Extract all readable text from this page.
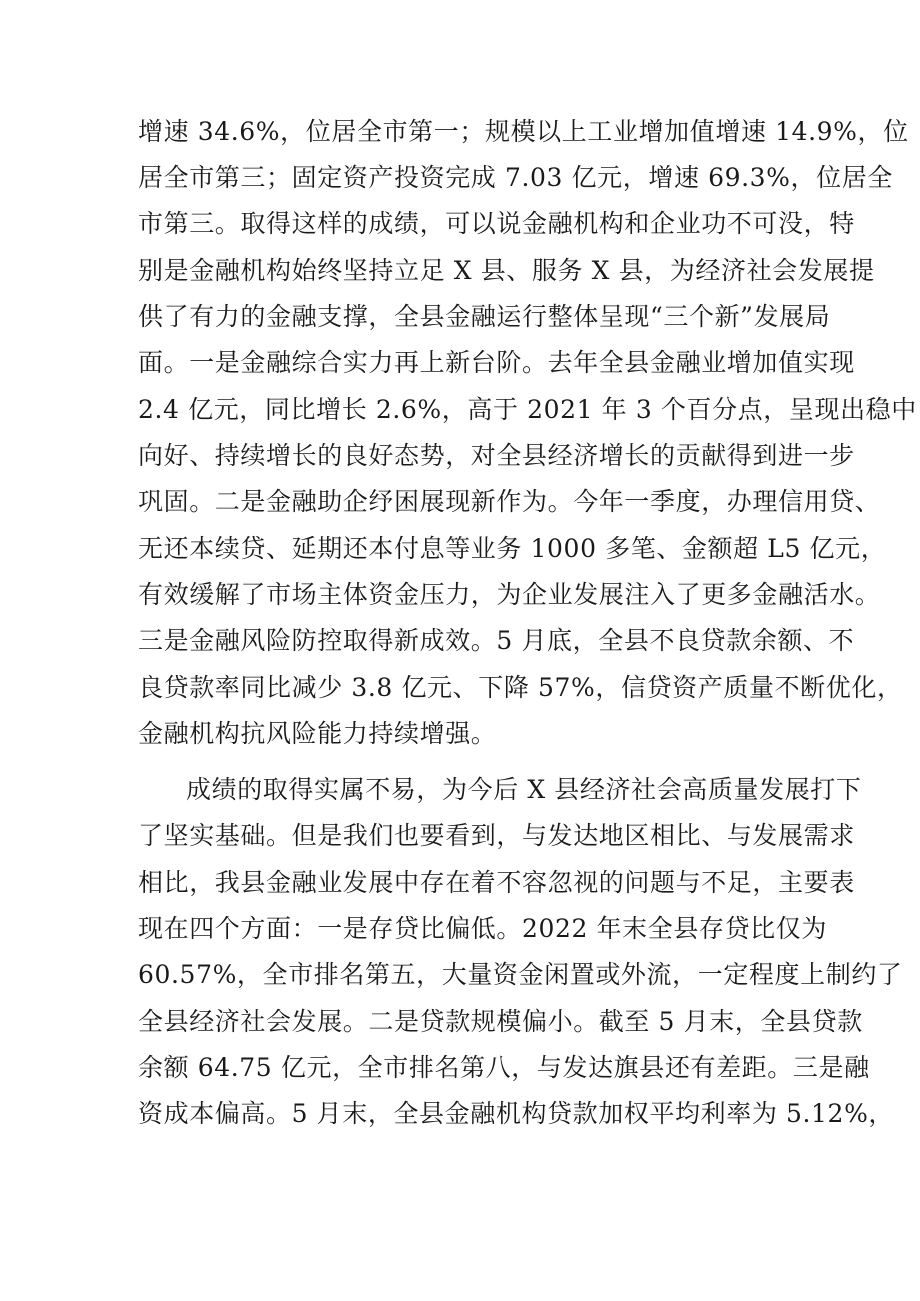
增速 34.6%，位居全市第一；规模以上工业增加值增速 14.9%，位
居全市第三；固定资产投资完成 7.03 亿元，增速 69.3%，位居全
市第三。取得这样的成绩，可以说金融机构和企业功不可没，特
别是金融机构始终坚持立足 X 县、服务 X 县，为经济社会发展提
供了有力的金融支撑，全县金融运行整体呈现“三个新”发展局
面。一是金融综合实力再上新台阶。去年全县金融业增加值实现
2.4 亿元，同比增长 2.6%，高于 2021 年 3 个百分点，呈现出稳中
向好、持续增长的良好态势，对全县经济增长的贡献得到进一步
巩固。二是金融助企纾困展现新作为。今年一季度，办理信用贷、
无还本续贷、延期还本付息等业务 1000 多笔、金额超 L5 亿元，
有效缓解了市场主体资金压力，为企业发展注入了更多金融活水。
三是金融风险防控取得新成效。5 月底，全县不良贷款余额、不
良贷款率同比减少 3.8 亿元、下降 57%，信贷资产质量不断优化，
金融机构抗风险能力持续增强。
成绩的取得实属不易，为今后 X 县经济社会高质量发展打下
了坚实基础。但是我们也要看到，与发达地区相比、与发展需求
相比，我县金融业发展中存在着不容忽视的问题与不足，主要表
现在四个方面：一是存贷比偏低。2022 年末全县存贷比仅为
60.57%，全市排名第五，大量资金闲置或外流，一定程度上制约了
全县经济社会发展。二是贷款规模偏小。截至 5 月末，全县贷款
余额 64.75 亿元，全市排名第八，与发达旗县还有差距。三是融
资成本偏高。5 月末，全县金融机构贷款加权平均利率为 5.12%，
